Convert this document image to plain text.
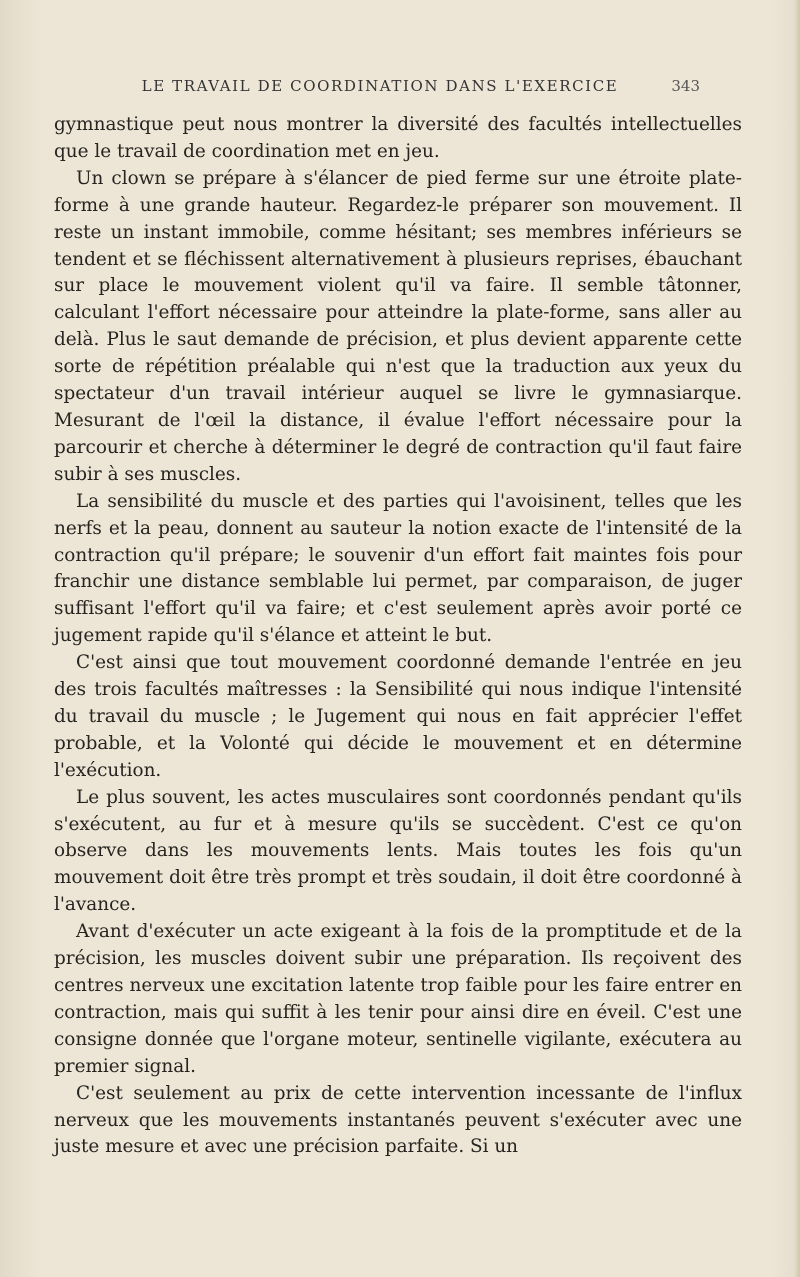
LE TRAVAIL DE COORDINATION DANS L'EXERCICE	343

gymnastique peut nous montrer la diversité des facultés intellectuelles que le travail de coordination met en jeu.

Un clown se prépare à s'élancer de pied ferme sur une étroite plate-forme à une grande hauteur. Regardez-le préparer son mouvement. Il reste un instant immobile, comme hésitant; ses membres inférieurs se tendent et se fléchissent alternativement à plusieurs reprises, ébauchant sur place le mouvement violent qu'il va faire. Il semble tâtonner, calculant l'effort nécessaire pour atteindre la plate-forme, sans aller au delà. Plus le saut demande de précision, et plus devient apparente cette sorte de répétition préalable qui n'est que la traduction aux yeux du spectateur d'un travail intérieur auquel se livre le gymnasiarque. Mesurant de l'œil la distance, il évalue l'effort nécessaire pour la parcourir et cherche à déterminer le degré de contraction qu'il faut faire subir à ses muscles.

La sensibilité du muscle et des parties qui l'avoisinent, telles que les nerfs et la peau, donnent au sauteur la notion exacte de l'intensité de la contraction qu'il prépare; le souvenir d'un effort fait maintes fois pour franchir une distance semblable lui permet, par comparaison, de juger suffisant l'effort qu'il va faire; et c'est seulement après avoir porté ce jugement rapide qu'il s'élance et atteint le but.

C'est ainsi que tout mouvement coordonné demande l'entrée en jeu des trois facultés maîtresses : la Sensibilité qui nous indique l'intensité du travail du muscle ; le Jugement qui nous en fait apprécier l'effet probable, et la Volonté qui décide le mouvement et en détermine l'exécution.

Le plus souvent, les actes musculaires sont coordonnés pendant qu'ils s'exécutent, au fur et à mesure qu'ils se succèdent. C'est ce qu'on observe dans les mouvements lents. Mais toutes les fois qu'un mouvement doit être très prompt et très soudain, il doit être coordonné à l'avance.

Avant d'exécuter un acte exigeant à la fois de la promptitude et de la précision, les muscles doivent subir une préparation. Ils reçoivent des centres nerveux une excitation latente trop faible pour les faire entrer en contraction, mais qui suffit à les tenir pour ainsi dire en éveil. C'est une consigne donnée que l'organe moteur, sentinelle vigilante, exécutera au premier signal.

C'est seulement au prix de cette intervention incessante de l'influx nerveux que les mouvements instantanés peuvent s'exécuter avec une juste mesure et avec une précision parfaite. Si un
